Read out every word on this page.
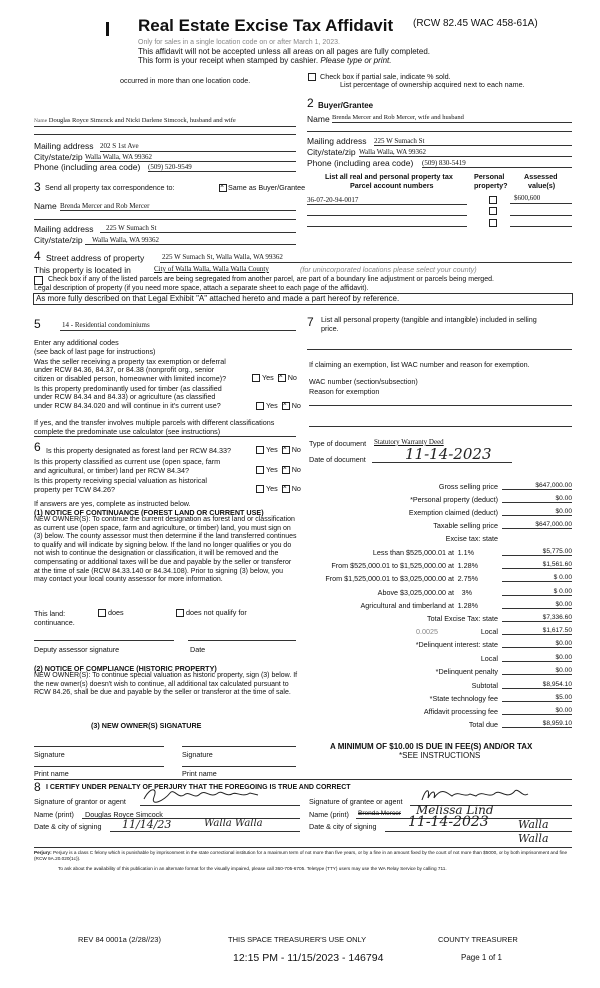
Real Estate Excise Tax Affidavit (RCW 82.45 WAC 458-61A)
Only for sales in a single location code on or after March 1, 2023.
This affidavit will not be accepted unless all areas on all pages are fully completed.
This form is your receipt when stamped by cashier. Please type or print.
occurred in more than one location code.	Check box if partial sale, indicate % sold.
List percentage of ownership acquired next to each name.
Name Douglas Royce Simcock and Nicki Darlene Simcock, husband and wife
Mailing address 202 S 1st Ave
City/state/zip Walla Walla, WA 99362
Phone (including area code) (509) 520-9549
2 Buyer/Grantee
Name Brenda Mercer and Rob Mercer, wife and husband
Mailing address 225 W Sumach St
City/state/zip Walla Walla, WA 99362
Phone (including area code) (509) 830-5419
3 Send all property tax correspondence to: ×	Same as Buyer/Grantee
Name Brenda Mercer and Rob Mercer
Mailing address 225 W Sumach St
City/state/zip Walla Walla, WA 99362
List all real and personal property tax
Parcel account numbers
Personal
property?
Assessed
value(s)
36-07-20-94-0017	$600,600
4 Street address of property	225 W Sumach St, Walla Walla, WA 99362
This property is located in	City of Walla Walla, Walla Walla County	(for unincorporated locations please select your county)
Check box if any of the listed parcels are being segregated from another parcel, are part of a boundary line adjustment or parcels being merged.
Legal description of property (if you need more space, attach a separate sheet to each page of the affidavit).
As more fully described on that Legal Exhibit "A" attached hereto and made a part hereof by reference.
5	14 - Residential condominiums
Enter any additional codes
(see back of last page for instructions)
Was the seller receiving a property tax exemption or deferral
under RCW 84.36, 84.37, or 84.38 (nonprofit org., senior
citizen or disabled person, homeowner with limited income)?	Yes × No
Is this property predominantly used for timber (as classified
under RCW 84.34 and 84.33) or agriculture (as classified
under RCW 84.34.020 and will continue in it's current use?	Yes × No
If yes, and the transfer involves multiple parcels with different classifications
complete the predominate use calculator (see instructions)
6 Is this property designated as forest land per RCW 84.33?	Yes × No
Is this property classified as current use (open space, farm
and agricultural, or timber) land per RCW 84.34?	Yes × No
Is this property receiving special valuation as historical
property per TCW 84.26?	Yes × No
If answers are yes, complete as instructed below.
(1) NOTICE OF CONTINUANCE (FOREST LAND OR CURRENT USE)
NEW OWNER(S): To continue the current designation as forest land or classification as current use (open space, farm and agriculture, or timber) land, you must sign on (3) below. The county assessor must then determine if the land transferred continues to qualify and will indicate by signing below. If the land no longer qualifies or you do not wish to continue the designation or classification, it will be removed and the compensating or additional taxes will be due and payable by the seller or transferor at the time of sale (RCW 84.33.140 or 84.34.108). Prior to signing (3) below, you may contact your local county assessor for more information.
This land:
continuance.
does	does not qualify for
Deputy assessor signature	Date
(2) NOTICE OF COMPLIANCE (HISTORIC PROPERTY)
NEW OWNER(S): To continue special valuation as historic property, sign (3) below. If the new owner(s) doesn't wish to continue, all additional tax calculated pursuant to RCW 84.26, shall be due and payable by the seller or transferor at the time of sale.
(3) NEW OWNER(S) SIGNATURE
Signature	Signature
Print name	Print name
7 List all personal property (tangible and intangible) included in selling
price.
If claiming an exemption, list WAC number and reason for exemption.
WAC number (section/subsection)
Reason for exemption
Type of document Statutory Warranty Deed
Date of document	11-14-2023
Gross selling price	$647,000.00
*Personal property (deduct)	$0.00
Exemption claimed (deduct)	$0.00
Taxable selling price	$647,000.00
Excise tax: state
Less than $525,000.01 at 1.1%	$5,775.00
From $525,000.01 to $1,525,000.00 at 1.28%	$1,561.60
From $1,525,000.01 to $3,025,000.00 at 2.75%	$ 0.00
Above $3,025,000.00 at 3%	$ 0.00
Agricultural and timberland at 1.28%	$0.00
Total Excise Tax: state	$7,336.60
0.0025	Local	$1,617.50
*Delinquent interest: state	$0.00
Local	$0.00
*Delinquent penalty	$0.00
Subtotal	$8,954.10
*State technology fee	$5.00
Affidavit processing fee	$0.00
Total due	$8,959.10
A MINIMUM OF $10.00 IS DUE IN FEE(S) AND/OR TAX
*SEE INSTRUCTIONS
8 I CERTIFY UNDER PENALTY OF PERJURY THAT THE FOREGOING IS TRUE AND CORRECT
Signature of grantor or agent
Name (print) Douglas Royce Simcock
Date & city of signing 11/14/23	Walla Walla
Signature of grantee or agent
Name (print) Brenda Mercer Melissa Lind
Date & city of signing 11-14-2023	Walla Walla
Perjury: Perjury is a class C felony which is punishable by imprisonment in the state correctional institution for a maximum term of not more than five years, or by a fine in an amount fixed by the court of not more than $5000, or by both imprisonment and fine (RCW 9A.20.020(1c)).
To ask about the availability of this publication in an alternate format for the visually impaired, please call 360-705-6705. Teletype (TTY) users may use the WA Relay Service by calling 711.
REV 84 0001a (2/28//23)	THIS SPACE TREASURER'S USE ONLY	COUNTY TREASURER
12:15 PM - 11/15/2023 - 146794	Page 1 of 1
